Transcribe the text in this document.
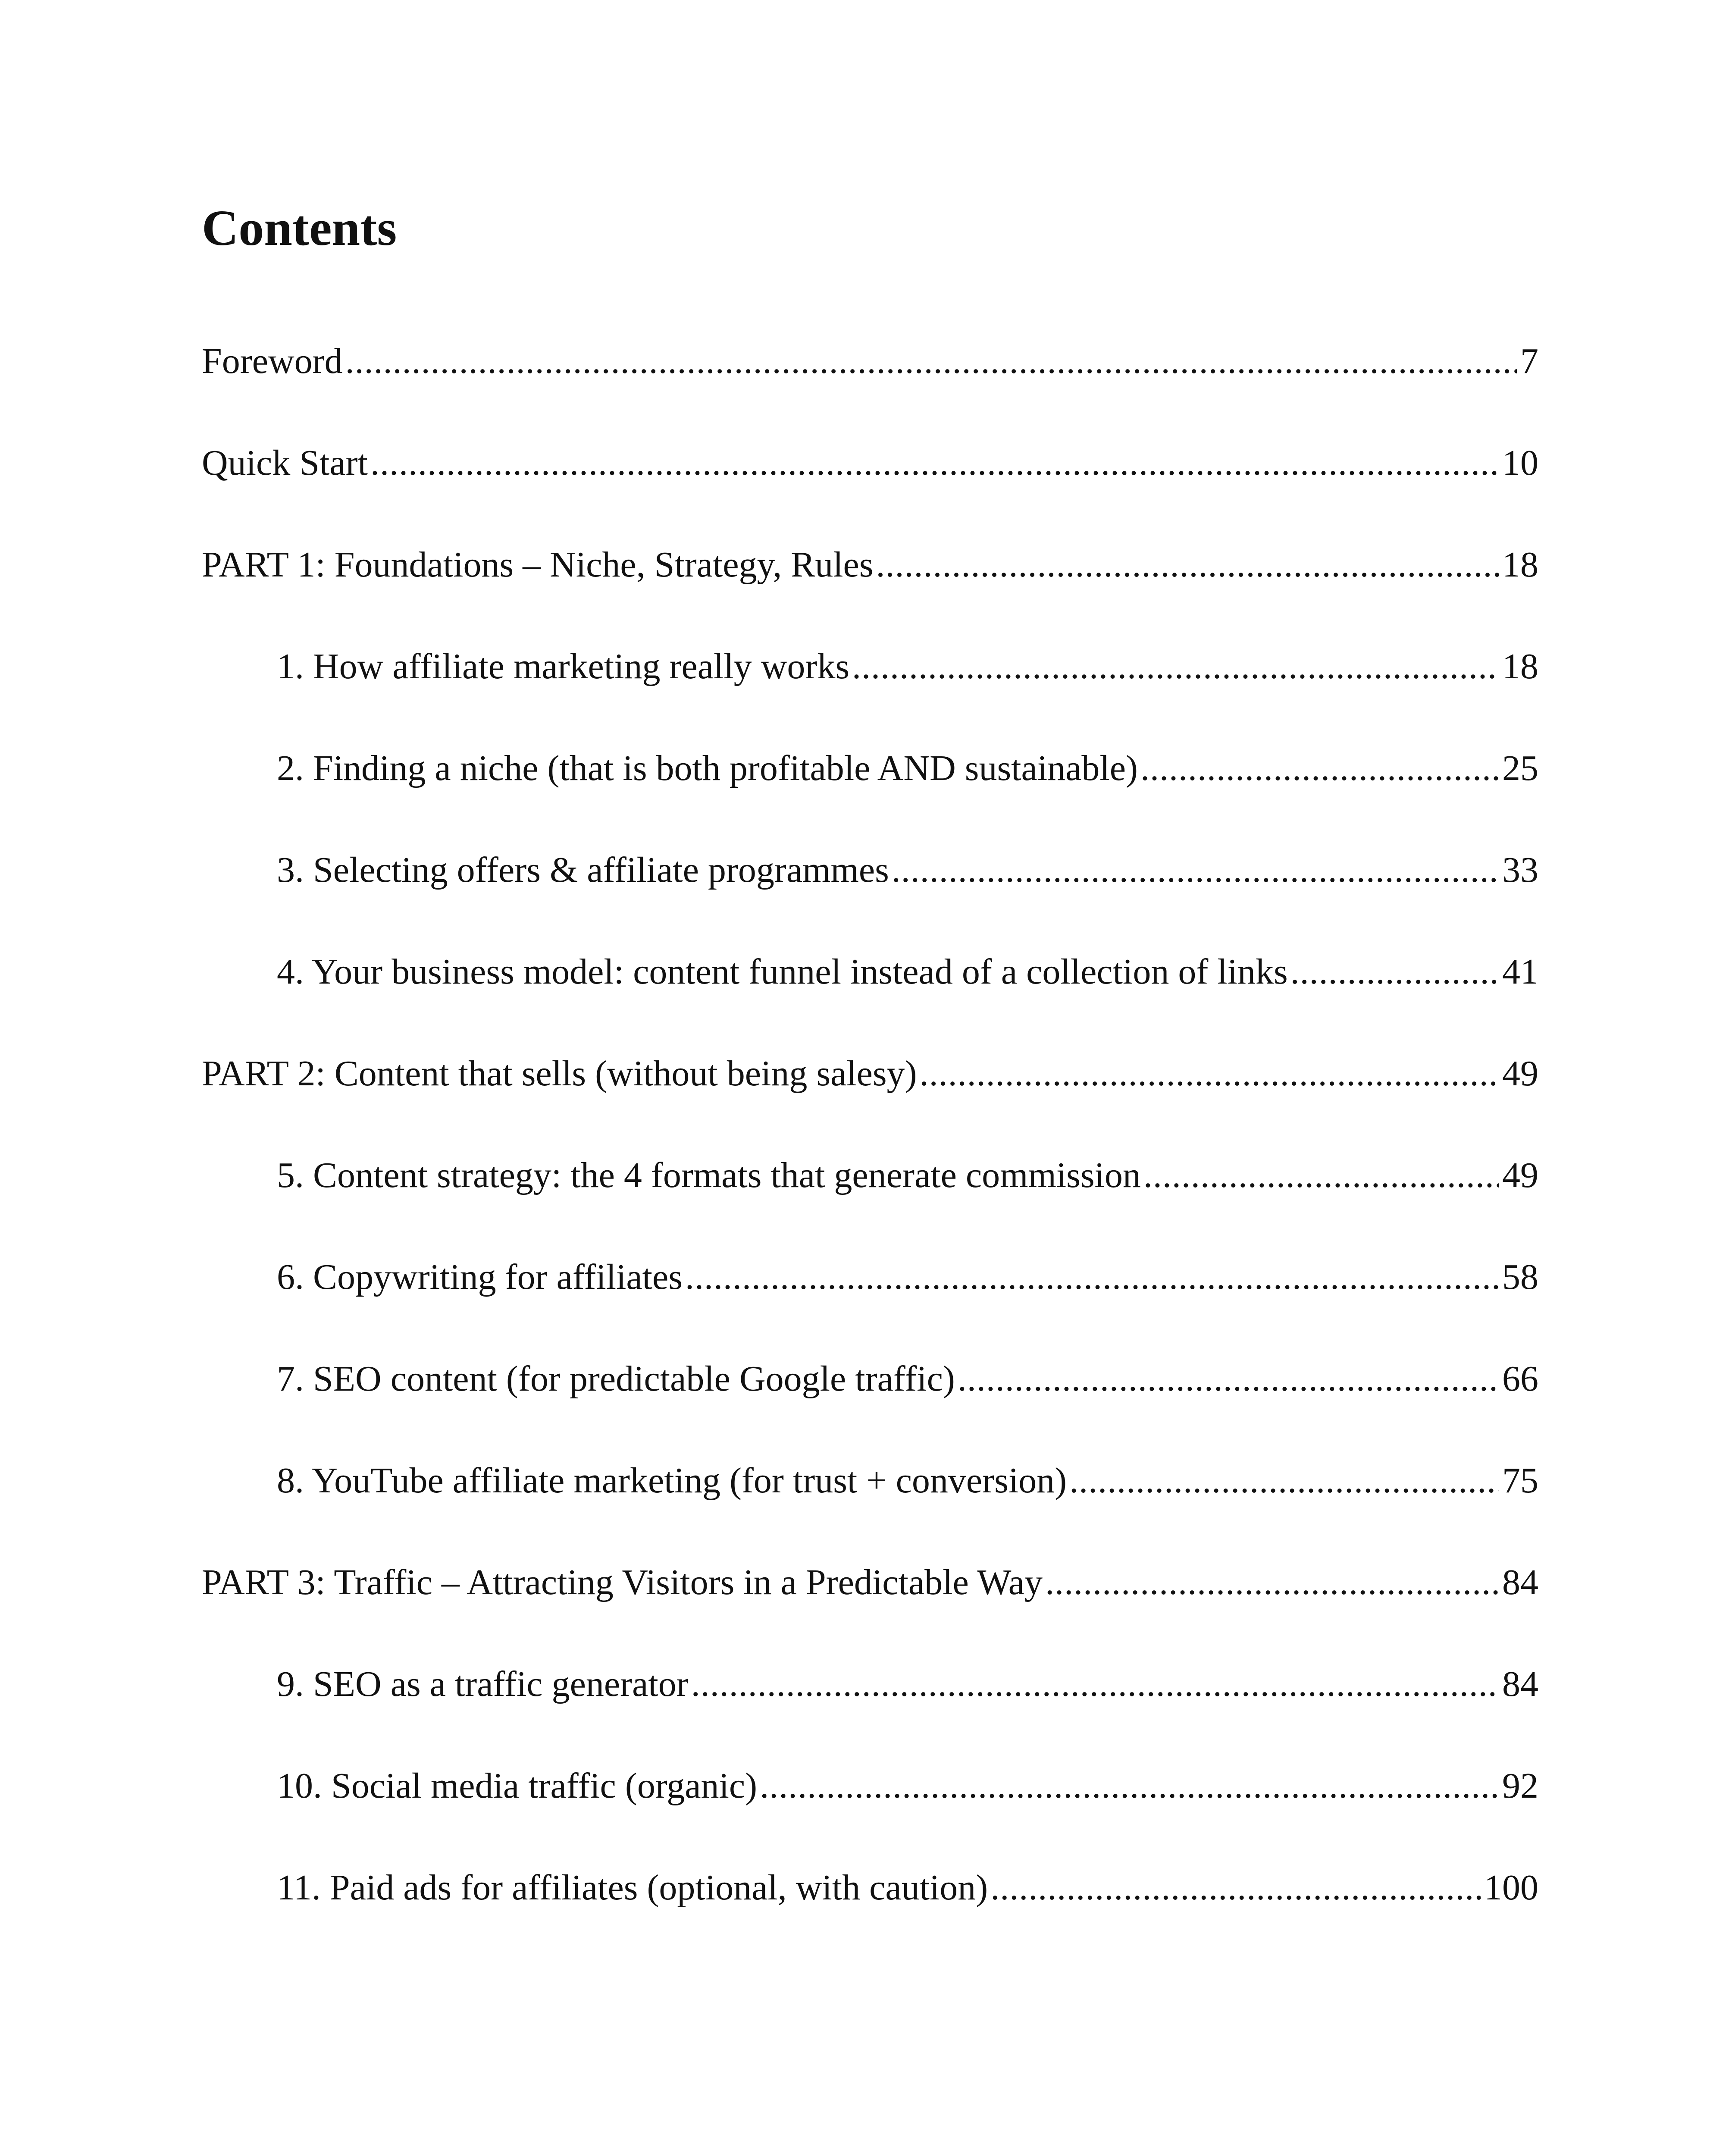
Contents
Foreword .....	7
Quick Start .....	10
PART 1: Foundations – Niche, Strategy, Rules .....	18
1. How affiliate marketing really works .....	18
2. Finding a niche (that is both profitable AND sustainable) .....	25
3. Selecting offers & affiliate programmes .....	33
4. Your business model: content funnel instead of a collection of links .....	41
PART 2: Content that sells (without being salesy) .....	49
5. Content strategy: the 4 formats that generate commission .....	49
6. Copywriting for affiliates .....	58
7. SEO content (for predictable Google traffic) .....	66
8. YouTube affiliate marketing (for trust + conversion) .....	75
PART 3: Traffic – Attracting Visitors in a Predictable Way .....	84
9. SEO as a traffic generator .....	84
10. Social media traffic (organic) .....	92
11. Paid ads for affiliates (optional, with caution) .....	100
